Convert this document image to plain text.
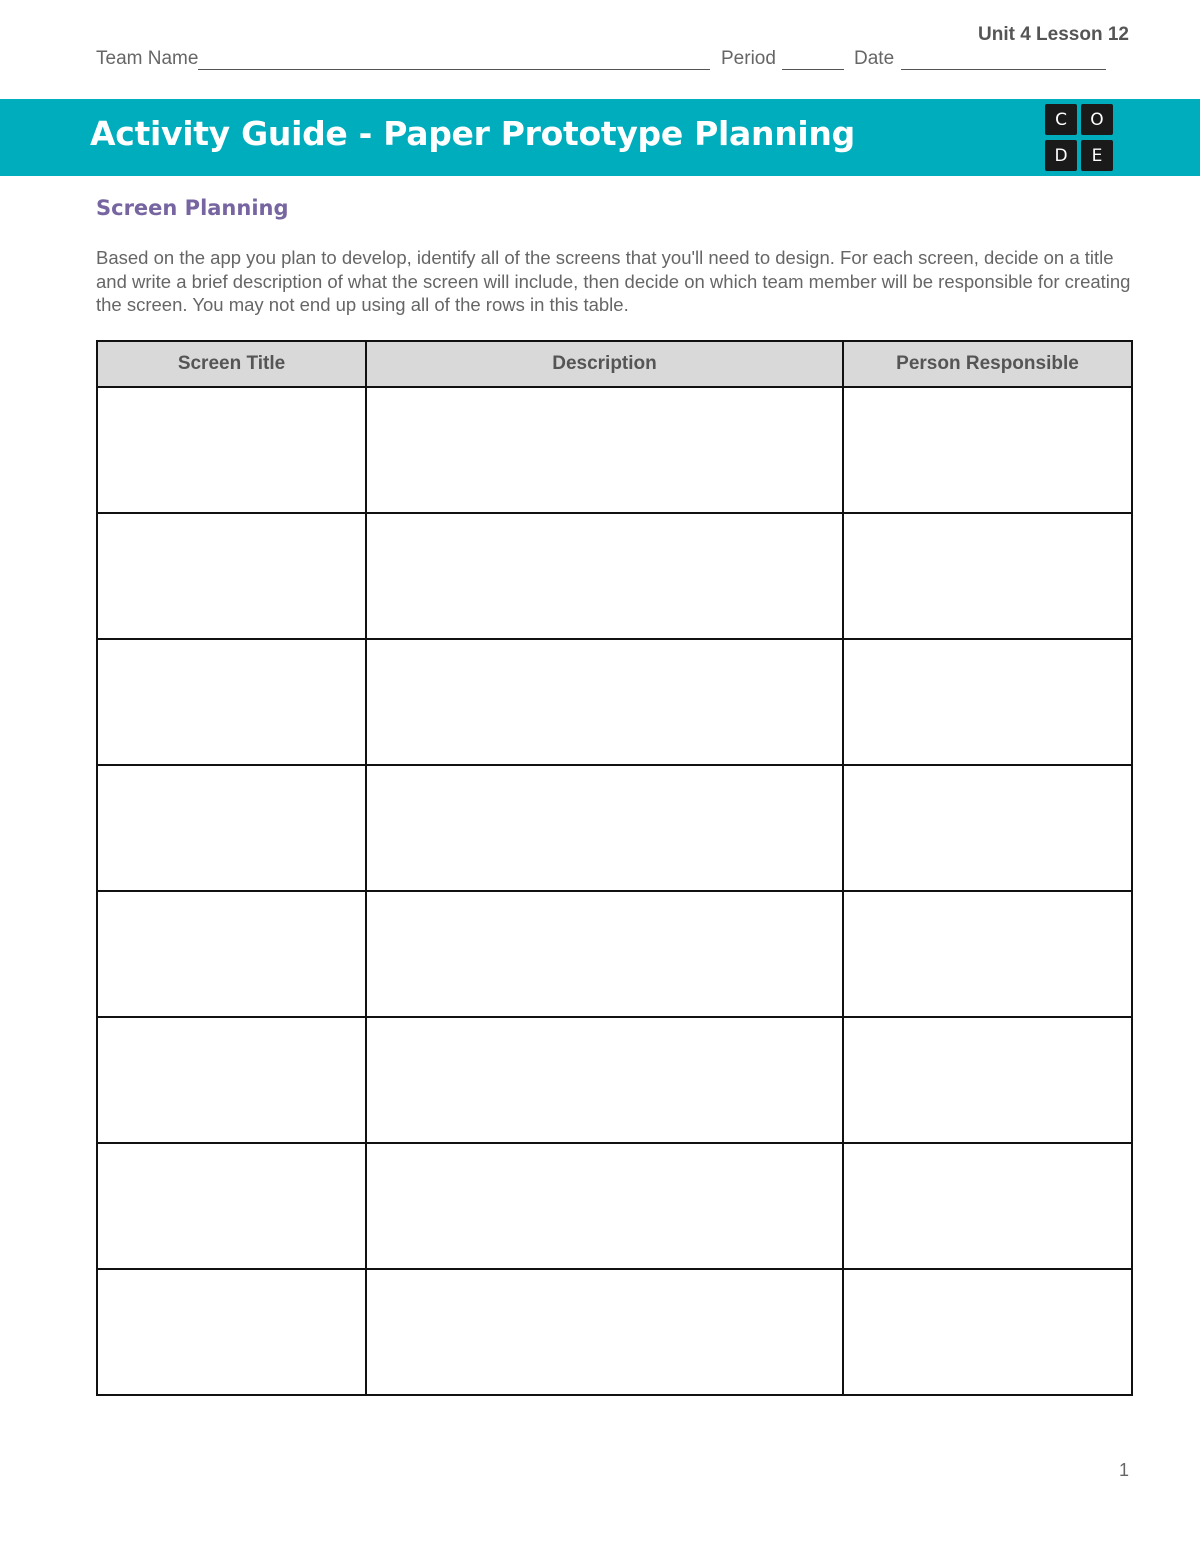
Unit 4 Lesson 12
Team Name	Period	Date
Activity Guide - Paper Prototype Planning	C	O
D	E
Screen Planning
Based on the app you plan to develop, identify all of the screens that you'll need to design. For each screen, decide on a title and write a brief description of what the screen will include, then decide on which team member will be responsible for creating the screen. You may not end up using all of the rows in this table.
Screen Title	Description	Person Responsible

1
